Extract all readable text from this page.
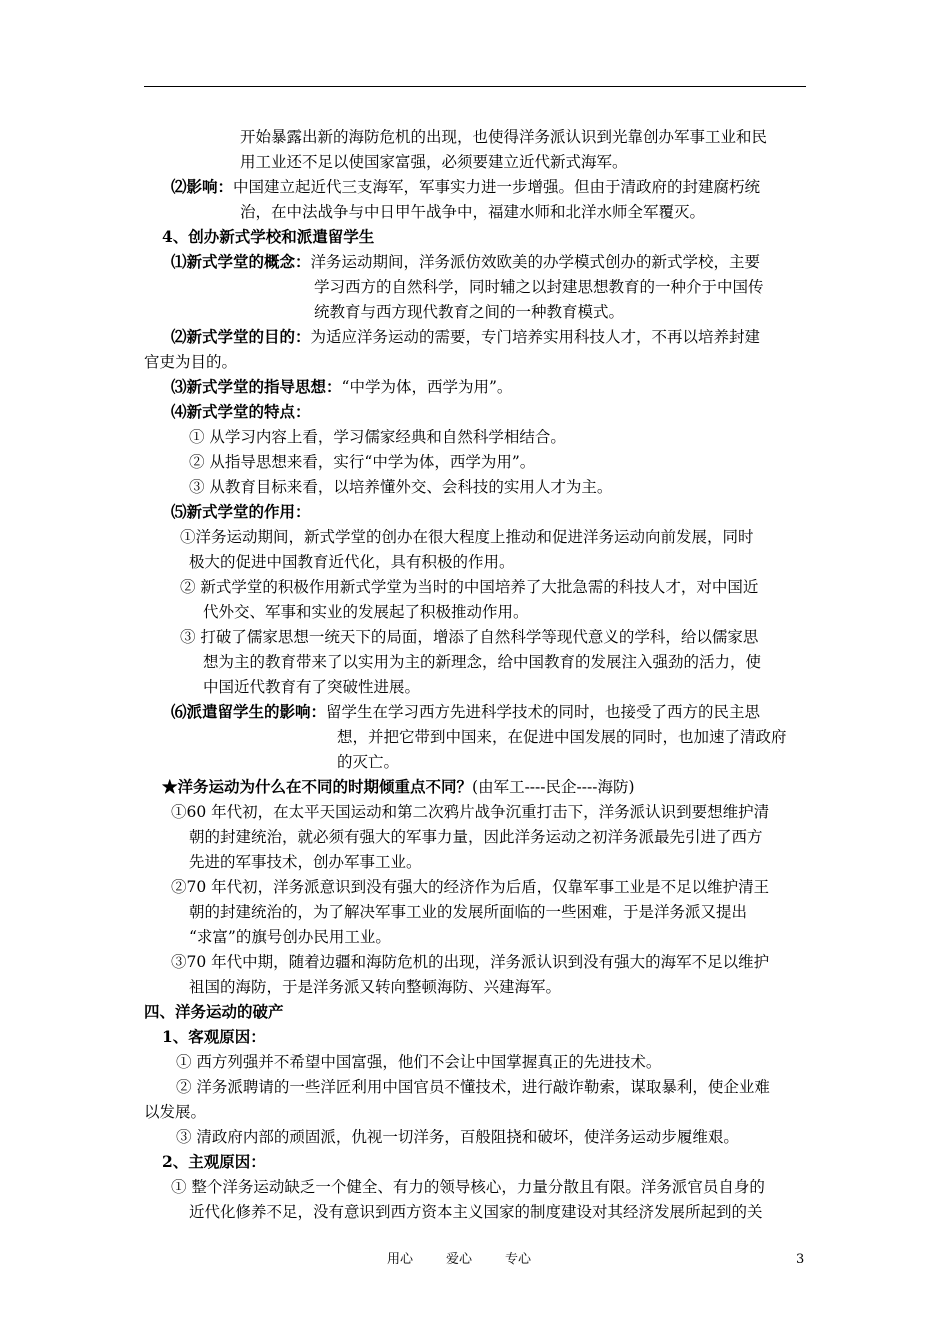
开始暴露出新的海防危机的出现，也使得洋务派认识到光靠创办军事工业和民
用工业还不足以使国家富强，必须要建立近代新式海军。
⑵影响：中国建立起近代三支海军，军事实力进一步增强。但由于清政府的封建腐朽统
治，在中法战争与中日甲午战争中，福建水师和北洋水师全军覆灭。
4、创办新式学校和派遣留学生
⑴新式学堂的概念：洋务运动期间，洋务派仿效欧美的办学模式创办的新式学校，主要
学习西方的自然科学，同时辅之以封建思想教育的一种介于中国传
统教育与西方现代教育之间的一种教育模式。
⑵新式学堂的目的：为适应洋务运动的需要，专门培养实用科技人才，不再以培养封建
官吏为目的。
⑶新式学堂的指导思想：“中学为体，西学为用”。
⑷新式学堂的特点：
① 从学习内容上看，学习儒家经典和自然科学相结合。
② 从指导思想来看，实行“中学为体，西学为用”。
③ 从教育目标来看，以培养懂外交、会科技的实用人才为主。
⑸新式学堂的作用：
①洋务运动期间，新式学堂的创办在很大程度上推动和促进洋务运动向前发展，同时
极大的促进中国教育近代化，具有积极的作用。
② 新式学堂的积极作用新式学堂为当时的中国培养了大批急需的科技人才，对中国近
代外交、军事和实业的发展起了积极推动作用。
③ 打破了儒家思想一统天下的局面，增添了自然科学等现代意义的学科，给以儒家思
想为主的教育带来了以实用为主的新理念，给中国教育的发展注入强劲的活力，使
中国近代教育有了突破性进展。
⑹派遣留学生的影响：留学生在学习西方先进科学技术的同时，也接受了西方的民主思
想，并把它带到中国来，在促进中国发展的同时，也加速了清政府
的灭亡。
★洋务运动为什么在不同的时期倾重点不同？(由军工----民企----海防)
①60 年代初，在太平天国运动和第二次鸦片战争沉重打击下，洋务派认识到要想维护清
朝的封建统治，就必须有强大的军事力量，因此洋务运动之初洋务派最先引进了西方
先进的军事技术，创办军事工业。
②70 年代初，洋务派意识到没有强大的经济作为后盾，仅靠军事工业是不足以维护清王
朝的封建统治的，为了解决军事工业的发展所面临的一些困难，于是洋务派又提出
“求富”的旗号创办民用工业。
③70 年代中期，随着边疆和海防危机的出现，洋务派认识到没有强大的海军不足以维护
祖国的海防，于是洋务派又转向整顿海防、兴建海军。
四、洋务运动的破产
1、客观原因：
① 西方列强并不希望中国富强，他们不会让中国掌握真正的先进技术。
② 洋务派聘请的一些洋匠利用中国官员不懂技术，进行敲诈勒索，谋取暴利，使企业难
以发展。
③ 清政府内部的顽固派，仇视一切洋务，百般阻挠和破坏，使洋务运动步履维艰。
2、主观原因：
① 整个洋务运动缺乏一个健全、有力的领导核心，力量分散且有限。洋务派官员自身的
近代化修养不足，没有意识到西方资本主义国家的制度建设对其经济发展所起到的关
用心	爱心	专心	3
